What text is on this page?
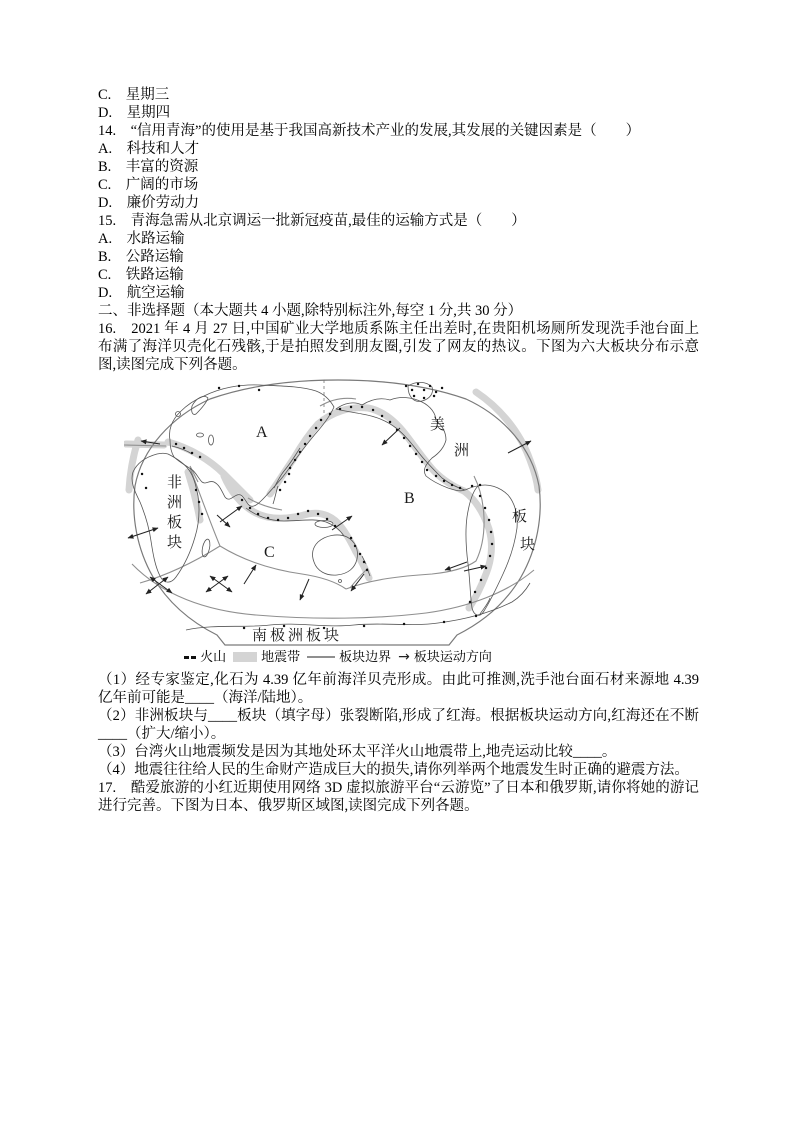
C.　星期三

D.　星期四

14.　“信用青海”的使用是基于我国高新技术产业的发展,其发展的关键因素是（　　）

A.　科技和人才

B.　丰富的资源

C.　广阔的市场

D.　廉价劳动力

15.　青海急需从北京调运一批新冠疫苗,最佳的运输方式是（　　）

A.　水路运输

B.　公路运输

C.　铁路运输

D.　航空运输

二、非选择题（本大题共 4 小题,除特别标注外,每空 1 分,共 30 分）

16.　2021 年 4 月 27 日,中国矿业大学地质系陈主任出差时,在贵阳机场厕所发现洗手池台面上布满了海洋贝壳化石残骸,于是拍照发到朋友圈,引发了网友的热议。下图为六大板块分布示意图,读图完成下列各题。

A
B
C
非洲板块
美
洲
板
块
南极洲板块
火山	地震带	板块边界 → 板块运动方向

（1）经专家鉴定,化石为 4.39 亿年前海洋贝壳形成。由此可推测,洗手池台面石材来源地 4.39 亿年前可能是____（海洋/陆地）。

（2）非洲板块与____板块（填字母）张裂断陷,形成了红海。根据板块运动方向,红海还在不断____（扩大/缩小）。

（3）台湾火山地震频发是因为其地处环太平洋火山地震带上,地壳运动比较____。

（4）地震往往给人民的生命财产造成巨大的损失,请你列举两个地震发生时正确的避震方法。

17.　酷爱旅游的小红近期使用网络 3D 虚拟旅游平台“云游览”了日本和俄罗斯,请你将她的游记进行完善。下图为日本、俄罗斯区域图,读图完成下列各题。
